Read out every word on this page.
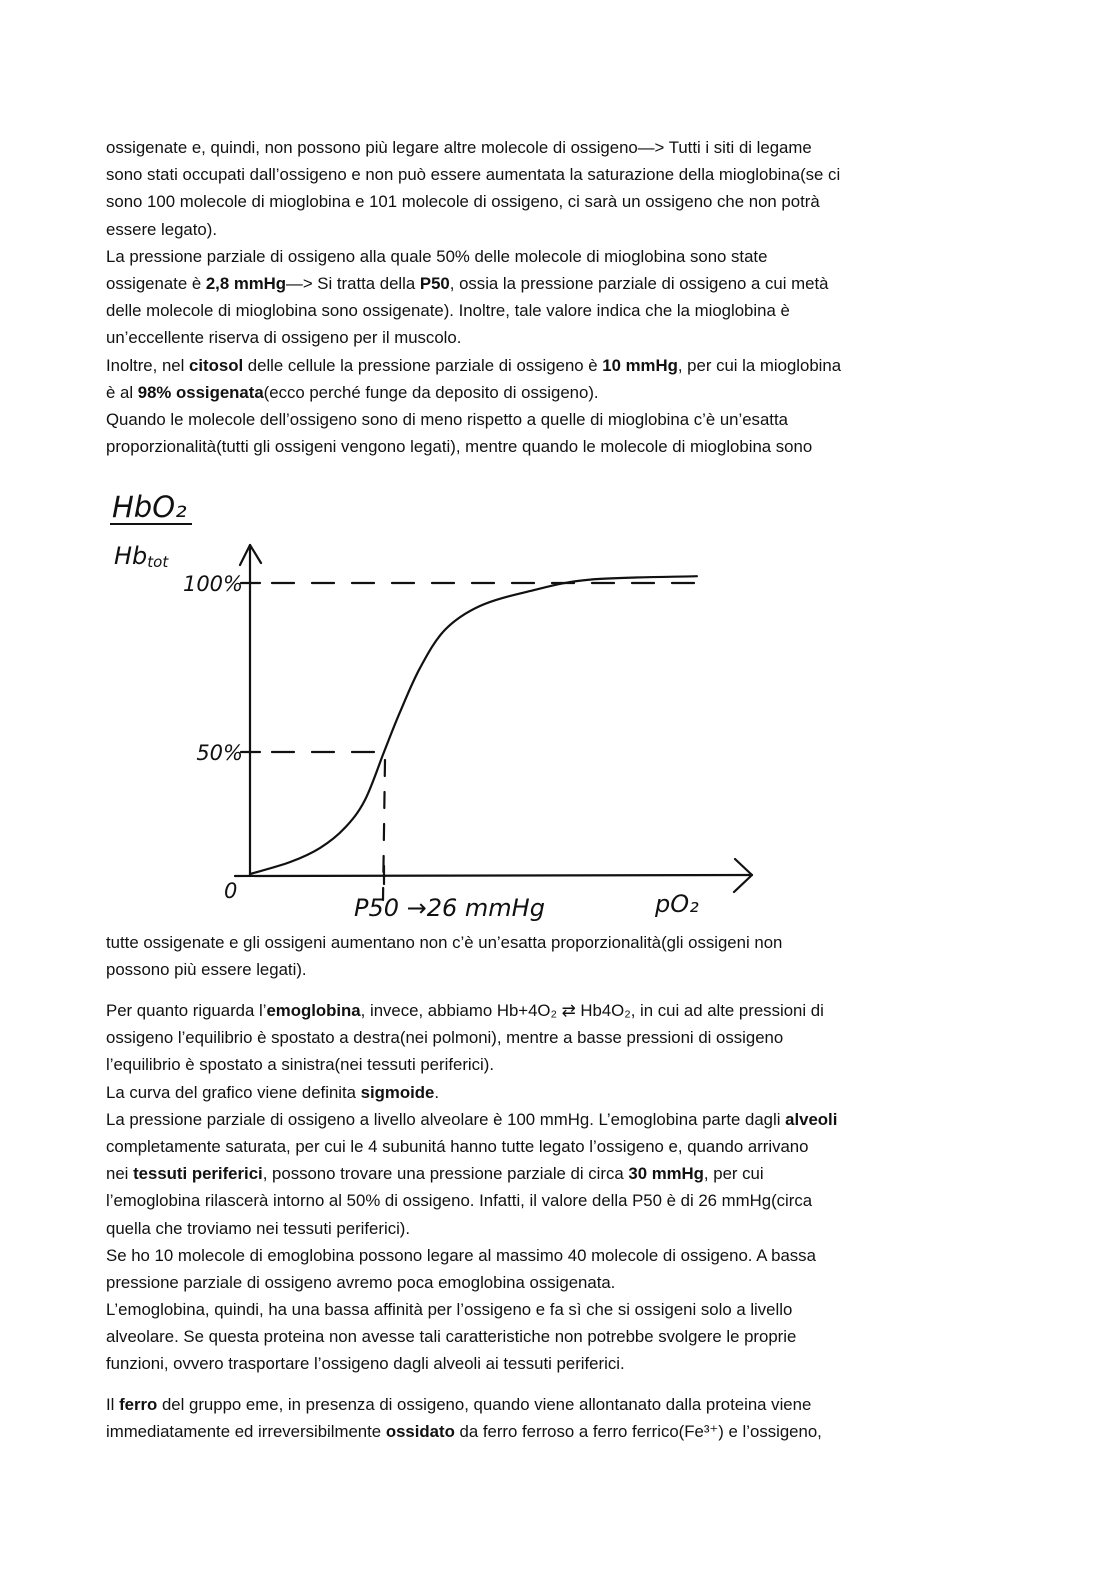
ossigenate e, quindi, non possono più legare altre molecole di ossigeno—> Tutti i siti di legame
sono stati occupati dall’ossigeno e non può essere aumentata la saturazione della mioglobina(se ci
sono 100 molecole di mioglobina e 101 molecole di ossigeno, ci sarà un ossigeno che non potrà
essere legato).
La pressione parziale di ossigeno alla quale 50% delle molecole di mioglobina sono state
ossigenate è 2,8 mmHg—> Si tratta della P50, ossia la pressione parziale di ossigeno a cui metà
delle molecole di mioglobina sono ossigenate). Inoltre, tale valore indica che la mioglobina è
un’eccellente riserva di ossigeno per il muscolo.
Inoltre, nel citosol delle cellule la pressione parziale di ossigeno è 10 mmHg, per cui la mioglobina
è al 98% ossigenata(ecco perché funge da deposito di ossigeno).
Quando le molecole dell’ossigeno sono di meno rispetto a quelle di mioglobina c’è un’esatta
proporzionalità(tutti gli ossigeni vengono legati), mentre quando le molecole di mioglobina sono
HbO₂
Hbtot
100%
50%
0
P50 →26 mmHg	pO₂
tutte ossigenate e gli ossigeni aumentano non c’è un’esatta proporzionalità(gli ossigeni non
possono più essere legati).
Per quanto riguarda l’emoglobina, invece, abbiamo Hb+4O₂ ⇄ Hb4O₂, in cui ad alte pressioni di
ossigeno l’equilibrio è spostato a destra(nei polmoni), mentre a basse pressioni di ossigeno
l’equilibrio è spostato a sinistra(nei tessuti periferici).
La curva del grafico viene definita sigmoide.
La pressione parziale di ossigeno a livello alveolare è 100 mmHg. L’emoglobina parte dagli alveoli
completamente saturata, per cui le 4 subunitá hanno tutte legato l’ossigeno e, quando arrivano
nei tessuti periferici, possono trovare una pressione parziale di circa 30 mmHg, per cui
l’emoglobina rilascerà intorno al 50% di ossigeno. Infatti, il valore della P50 è di 26 mmHg(circa
quella che troviamo nei tessuti periferici).
Se ho 10 molecole di emoglobina possono legare al massimo 40 molecole di ossigeno. A bassa
pressione parziale di ossigeno avremo poca emoglobina ossigenata.
L’emoglobina, quindi, ha una bassa affinità per l’ossigeno e fa sì che si ossigeni solo a livello
alveolare. Se questa proteina non avesse tali caratteristiche non potrebbe svolgere le proprie
funzioni, ovvero trasportare l’ossigeno dagli alveoli ai tessuti periferici.
Il ferro del gruppo eme, in presenza di ossigeno, quando viene allontanato dalla proteina viene
immediatamente ed irreversibilmente ossidato da ferro ferroso a ferro ferrico(Fe³⁺) e l’ossigeno,
